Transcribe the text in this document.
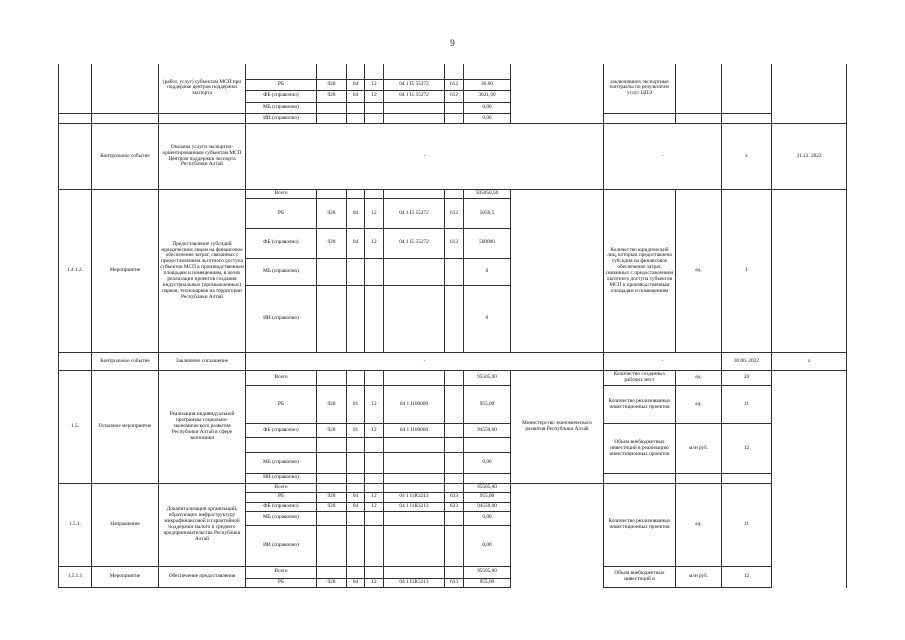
9
		(работ, услуг) субъектам МСП при поддержке центров поддержки экспорта									заключивших экспортные контракты по результатам услуг ЦПЭ			
			РБ	928	04	12	04 1 I5 55272	612	36,60					
			ФБ (справочно)	928	04	12	04 1 I5 55272	612	3621,90					
			МБ (справочно)						0,00					
			ИИ (справочно)						0,00					
	Контрольное событие	Оказаны услуги экспортно-ориентированным субъектам МСП Центром поддержки экспорта Республики Алтай	-								-		х	31.12. 2022
1.4.1.2.	Мероприятие	Предоставление субсидий юридическим лицам на финансовое обеспечение затрат, связанных с предоставлением льготного доступа субъектов МСП к производственным площадям и помещениям, в целях реализации проектов создания индустриальных (промышленных) парков, технопарков на территории Республики Алтай	Всего						505050,50		Количество юридический лиц, которым предоставлена субсидия на финансовое обеспечение затрат, связанных с предоставлением льготного доступа субъектов МСП к производственным площадям и помещениям	ед.	1	
			РБ	928	04	12	04 1 I5 55272	612	5050,5					
			ФБ (справочно)	928	04	12	04 1 I5 55272	612	500000					
			МБ (справочно)						0					
			ИИ (справочно)						0					
	Контрольное событие	Заключено соглашение	-								-		30.06. 2022	х
1.5.	Основное мероприятие	Реализация индивидуальной программы социально-экономического развития Республики Алтай в сфере экономики	Всего						95505,00	Министерство экономического развития Республики Алтай	Количество созданных рабочих мест	ед.	20	
			РБ	928	01	12	04 1 I100000		955,00		Количество реализованных инвестиционных проектов	ед.	11	
			ФБ (справочно)	928	01	12	04 1 I100000		94550,00		Объем внебюджетных инвестиций в реализацию инвестиционных проектов	млн руб.	12	

			МБ (справочно)						0,00					
			ИИ (справочно)											
1.5.1.	Направление	Докапитализация организаций, образующих инфраструктуру микрофинансовой и гарантийной поддержки малого и среднего предпринимательства Республики Алтай	Всего						95505,00		Количество реализованных инвестиционных проектов	ед.	11	
			РБ	928	04	12	04 1 I1R3213	633	955,00					
			ФБ (справочно)	928	04	12	04 1 I1R3213	633	94550,00					
			МБ (справочно)						0,00					
			ИИ (справочно)						0,00					
1.5.1.1	Мероприятие	Обеспечение предоставления	Всего						95505,00		Объем внебюджетных инвестиций в	млн руб.	12	
			РБ	928	04	12	04 1 I1R3213	633	955,00					
